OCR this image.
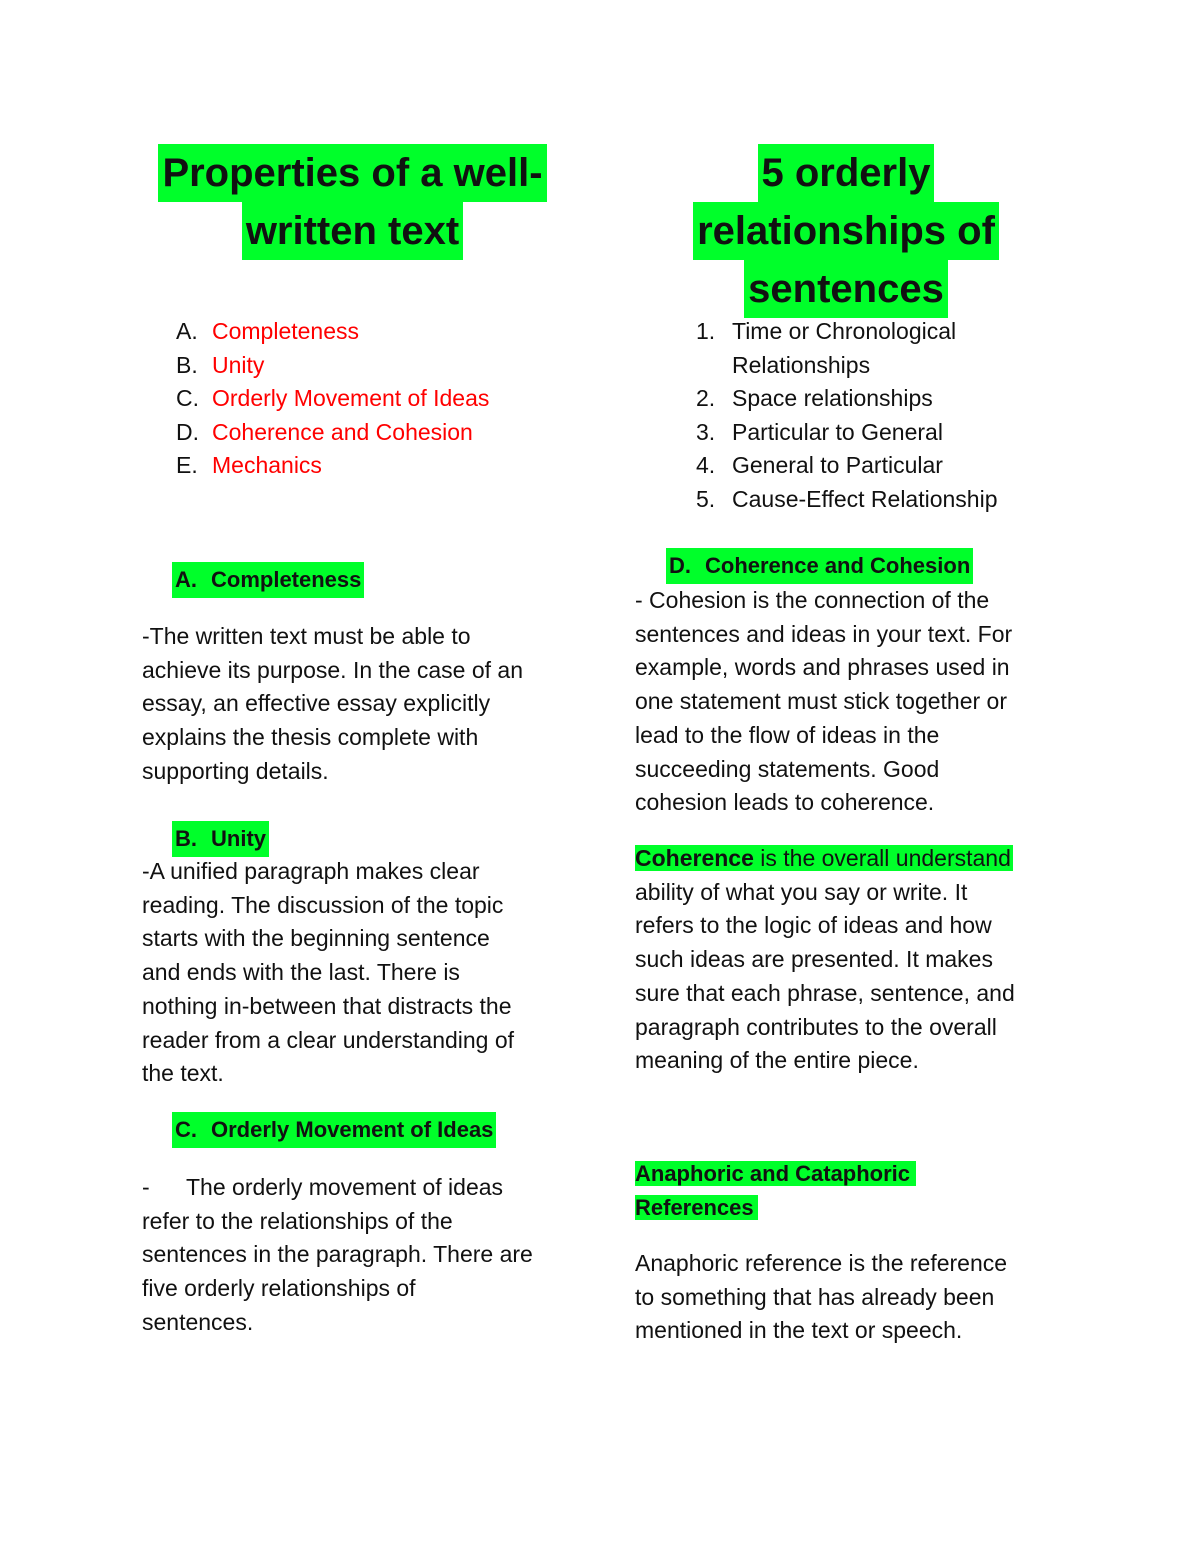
Properties of a well-
written text
5 orderly
relationships of
sentences
A. Completeness
B. Unity
C. Orderly Movement of Ideas
D. Coherence and Cohesion
E. Mechanics
1. Time or Chronological
Relationships
2. Space relationships
3. Particular to General
4. General to Particular
5. Cause-Effect Relationship
A. Completeness
-The written text must be able to
achieve its purpose. In the case of an
essay, an effective essay explicitly
explains the thesis complete with
supporting details.
B. Unity
-A unified paragraph makes clear
reading. The discussion of the topic
starts with the beginning sentence
and ends with the last. There is
nothing in-between that distracts the
reader from a clear understanding of
the text.
C. Orderly Movement of Ideas
- The orderly movement of ideas
refer to the relationships of the
sentences in the paragraph. There are
five orderly relationships of
sentences.
D. Coherence and Cohesion
- Cohesion is the connection of the
sentences and ideas in your text. For
example, words and phrases used in
one statement must stick together or
lead to the flow of ideas in the
succeeding statements. Good
cohesion leads to coherence.
Coherence is the overall understand
ability of what you say or write. It
refers to the logic of ideas and how
such ideas are presented. It makes
sure that each phrase, sentence, and
paragraph contributes to the overall
meaning of the entire piece.
Anaphoric and Cataphoric
References
Anaphoric reference is the reference
to something that has already been
mentioned in the text or speech.
